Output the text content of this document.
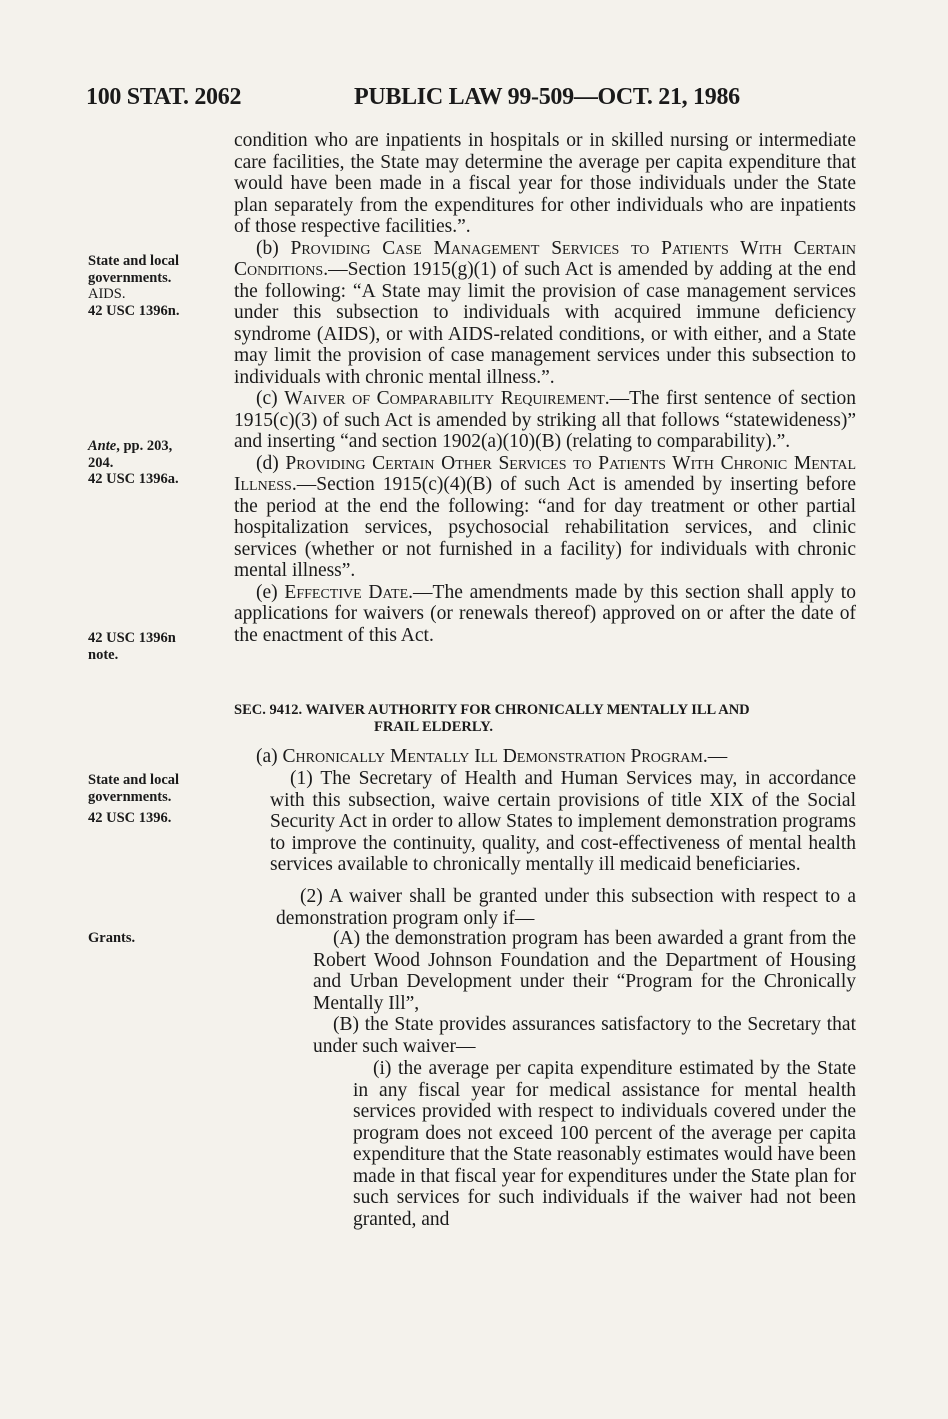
100 STAT. 2062	PUBLIC LAW 99-509—OCT. 21, 1986
State and local
governments.
AIDS.
42 USC 1396n.
Ante, pp. 203,
204.
42 USC 1396a.
42 USC 1396n
note.
State and local
governments.
42 USC 1396.
Grants.

condition who are inpatients in hospitals or in skilled nursing or intermediate care facilities, the State may determine the average per capita expenditure that would have been made in a fiscal year for those individuals under the State plan separately from the expenditures for other individuals who are inpatients of those respective facilities.”.

(b) Providing Case Management Services to Patients With Certain Conditions.—Section 1915(g)(1) of such Act is amended by adding at the end the following: “A State may limit the provision of case management services under this subsection to individuals with acquired immune deficiency syndrome (AIDS), or with AIDS-related conditions, or with either, and a State may limit the provision of case management services under this subsection to individuals with chronic mental illness.”.

(c) Waiver of Comparability Requirement.—The first sentence of section 1915(c)(3) of such Act is amended by striking all that follows “statewideness)” and inserting “and section 1902(a)(10)(B) (relating to comparability).”.

(d) Providing Certain Other Services to Patients With Chronic Mental Illness.—Section 1915(c)(4)(B) of such Act is amended by inserting before the period at the end the following: “and for day treatment or other partial hospitalization services, psychosocial rehabilitation services, and clinic services (whether or not furnished in a facility) for individuals with chronic mental illness”.

(e) Effective Date.—The amendments made by this section shall apply to applications for waivers (or renewals thereof) approved on or after the date of the enactment of this Act.

SEC. 9412. WAIVER AUTHORITY FOR CHRONICALLY MENTALLY ILL AND
FRAIL ELDERLY.

(a) Chronically Mentally Ill Demonstration Program.—

(1) The Secretary of Health and Human Services may, in accordance with this subsection, waive certain provisions of title XIX of the Social Security Act in order to allow States to implement demonstration programs to improve the continuity, quality, and cost-effectiveness of mental health services available to chronically mentally ill medicaid beneficiaries.

(2) A waiver shall be granted under this subsection with respect to a demonstration program only if—

(A) the demonstration program has been awarded a grant from the Robert Wood Johnson Foundation and the Department of Housing and Urban Development under their “Program for the Chronically Mentally Ill”,

(B) the State provides assurances satisfactory to the Secretary that under such waiver—

(i) the average per capita expenditure estimated by the State in any fiscal year for medical assistance for mental health services provided with respect to individuals covered under the program does not exceed 100 percent of the average per capita expenditure that the State reasonably estimates would have been made in that fiscal year for expenditures under the State plan for such services for such individuals if the waiver had not been granted, and
